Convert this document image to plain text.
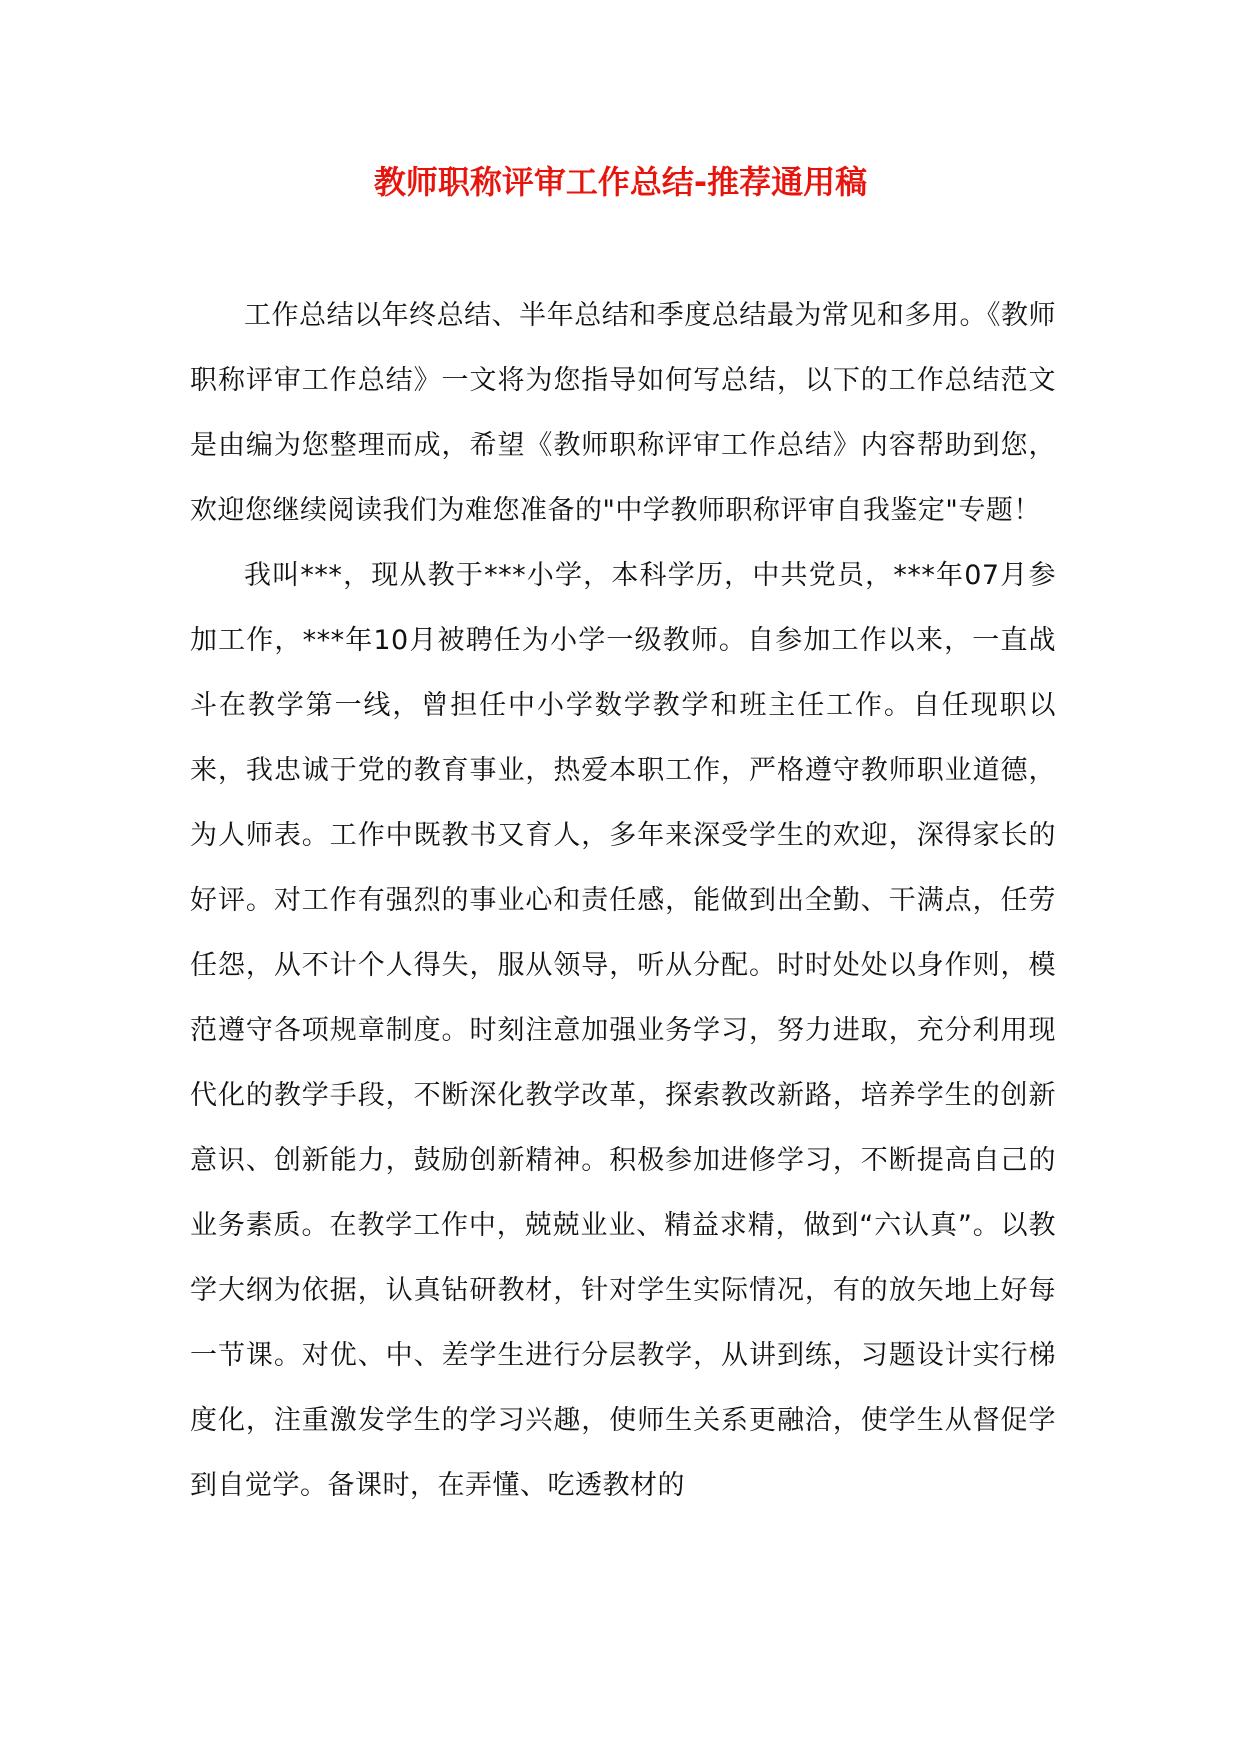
教师职称评审工作总结-推荐通用稿

工作总结以年终总结、半年总结和季度总结最为常见和多用。《教师职称评审工作总结》一文将为您指导如何写总结，以下的工作总结范文是由编为您整理而成，希望《教师职称评审工作总结》内容帮助到您，欢迎您继续阅读我们为难您准备的"中学教师职称评审自我鉴定"专题！

我叫***，现从教于***小学，本科学历，中共党员，***年07月参加工作，***年10月被聘任为小学一级教师。自参加工作以来，一直战斗在教学第一线，曾担任中小学数学教学和班主任工作。自任现职以来，我忠诚于党的教育事业，热爱本职工作，严格遵守教师职业道德，为人师表。工作中既教书又育人，多年来深受学生的欢迎，深得家长的好评。对工作有强烈的事业心和责任感，能做到出全勤、干满点，任劳任怨，从不计个人得失，服从领导，听从分配。时时处处以身作则，模范遵守各项规章制度。时刻注意加强业务学习，努力进取，充分利用现代化的教学手段，不断深化教学改革，探索教改新路，培养学生的创新意识、创新能力，鼓励创新精神。积极参加进修学习，不断提高自己的业务素质。在教学工作中，兢兢业业、精益求精，做到“六认真”。以教学大纲为依据，认真钻研教材，针对学生实际情况，有的放矢地上好每一节课。对优、中、差学生进行分层教学，从讲到练，习题设计实行梯度化，注重激发学生的学习兴趣，使师生关系更融洽，使学生从督促学到自觉学。备课时，在弄懂、吃透教材的
